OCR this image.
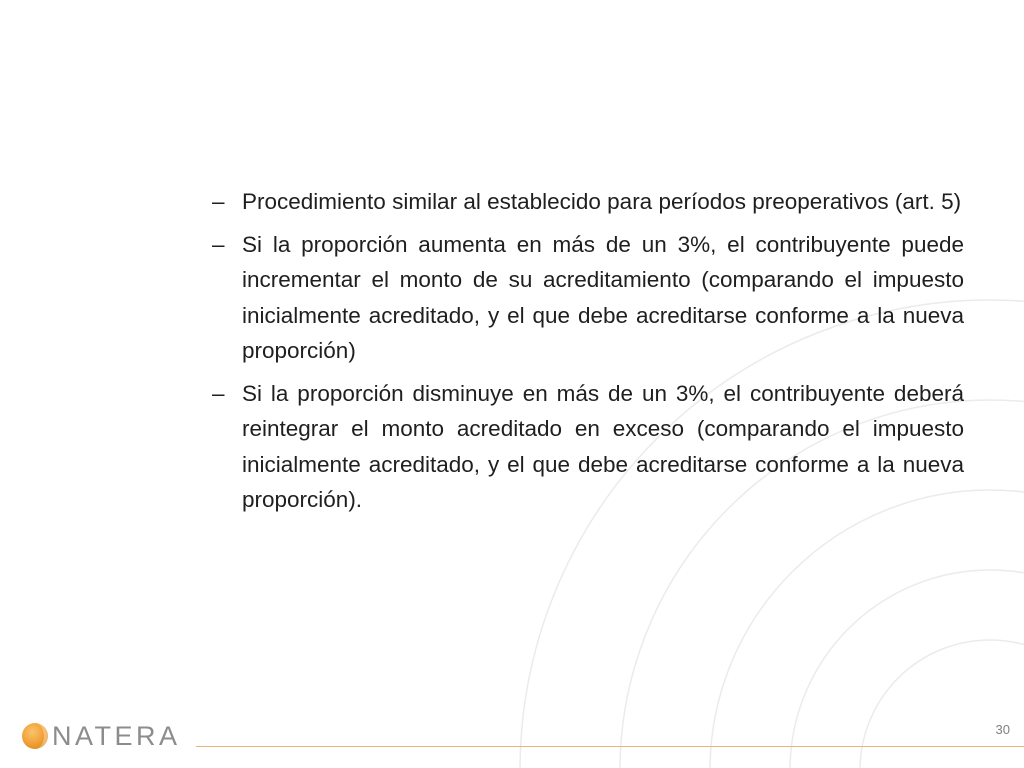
– Procedimiento similar al establecido para períodos preoperativos (art. 5)

– Si la proporción aumenta en más de un 3%, el contribuyente puede incrementar el monto de su acreditamiento (comparando el impuesto inicialmente acreditado, y el que debe acreditarse conforme a la nueva proporción)

– Si la proporción disminuye en más de un 3%, el contribuyente deberá reintegrar el monto acreditado en exceso (comparando el impuesto inicialmente acreditado, y el que debe acreditarse conforme a la nueva proporción).

NATERA	30
